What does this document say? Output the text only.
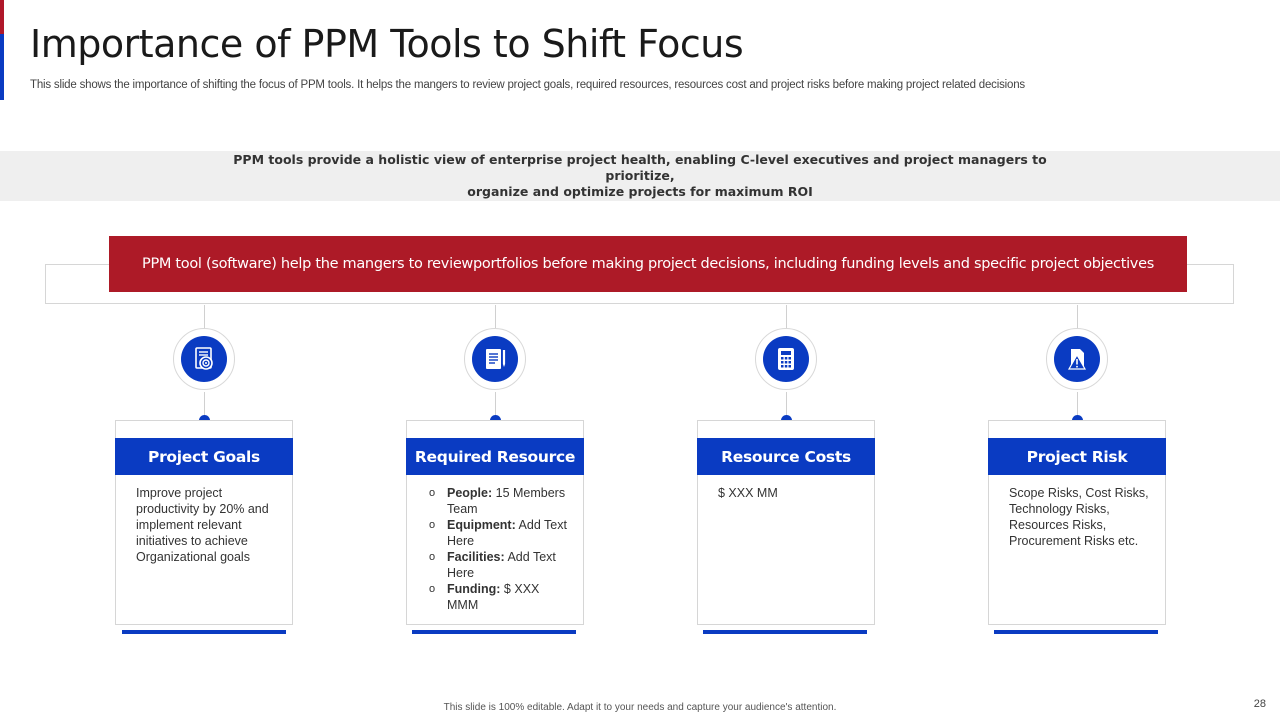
Importance of PPM Tools to Shift Focus

This slide shows the importance of shifting the focus of PPM tools. It helps the mangers to review project goals, required resources, resources cost and project risks before making project related decisions

PPM tools provide a holistic view of enterprise project health, enabling C-level executives and project managers to prioritize,
organize and optimize projects for maximum ROI

PPM tool (software) help the mangers to reviewportfolios before making project decisions, including funding levels and specific project objectives
Project Goals

Improve project productivity by 20% and implement relevant initiatives to achieve Organizational goals

Required Resource
o People: 15 Members Team
o Equipment: Add Text Here
o Facilities: Add Text Here
o Funding: $ XXX MMM
Resource Costs

$ XXX MM

Project Risk

Scope Risks, Cost Risks, Technology Risks, Resources Risks, Procurement Risks etc.

This slide is 100% editable. Adapt it to your needs and capture your audience's attention.	28
